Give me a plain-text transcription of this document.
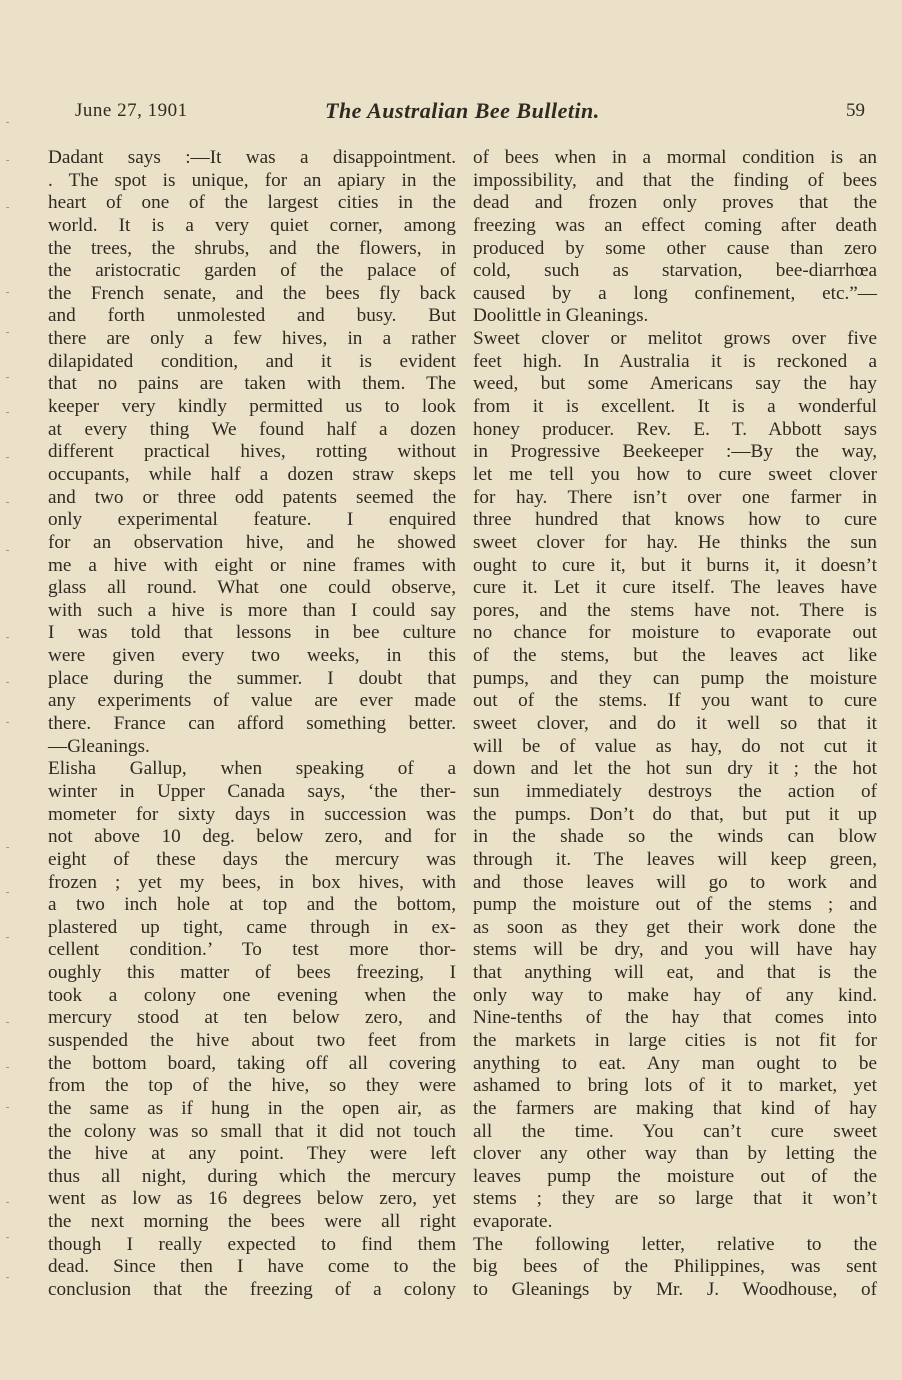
June 27, 1901	The Australian Bee Bulletin.	59
Dadant says :—It was a disappointment.
. The spot is unique, for an apiary in the
heart of one of the largest cities in the
world. It is a very quiet corner, among
the trees, the shrubs, and the flowers, in
the aristocratic garden of the palace of
the French senate, and the bees fly back
and forth unmolested and busy. But
there are only a few hives, in a rather
dilapidated condition, and it is evident
that no pains are taken with them. The
keeper very kindly permitted us to look
at every thing We found half a dozen
different practical hives, rotting without
occupants, while half a dozen straw skeps
and two or three odd patents seemed the
only experimental feature. I enquired
for an observation hive, and he showed
me a hive with eight or nine frames with
glass all round. What one could observe,
with such a hive is more than I could say
I was told that lessons in bee culture
were given every two weeks, in this
place during the summer. I doubt that
any experiments of value are ever made
there. France can afford something better.
—Gleanings.
Elisha Gallup, when speaking of a
winter in Upper Canada says, ‘the ther-
mometer for sixty days in succession was
not above 10 deg. below zero, and for
eight of these days the mercury was
frozen ; yet my bees, in box hives, with
a two inch hole at top and the bottom,
plastered up tight, came through in ex-
cellent condition.’ To test more thor-
oughly this matter of bees freezing, I
took a colony one evening when the
mercury stood at ten below zero, and
suspended the hive about two feet from
the bottom board, taking off all covering
from the top of the hive, so they were
the same as if hung in the open air, as
the colony was so small that it did not touch
the hive at any point. They were left
thus all night, during which the mercury
went as low as 16 degrees below zero, yet
the next morning the bees were all right
though I really expected to find them
dead. Since then I have come to the
conclusion that the freezing of a colony
of bees when in a mormal condition is an
impossibility, and that the finding of bees
dead and frozen only proves that the
freezing was an effect coming after death
produced by some other cause than zero
cold, such as starvation, bee-diarrhœa
caused by a long confinement, etc.”—
Doolittle in Gleanings.
Sweet clover or melitot grows over five
feet high. In Australia it is reckoned a
weed, but some Americans say the hay
from it is excellent. It is a wonderful
honey producer. Rev. E. T. Abbott says
in Progressive Beekeeper :—By the way,
let me tell you how to cure sweet clover
for hay. There isn’t over one farmer in
three hundred that knows how to cure
sweet clover for hay. He thinks the sun
ought to cure it, but it burns it, it doesn’t
cure it. Let it cure itself. The leaves have
pores, and the stems have not. There is
no chance for moisture to evaporate out
of the stems, but the leaves act like
pumps, and they can pump the moisture
out of the stems. If you want to cure
sweet clover, and do it well so that it
will be of value as hay, do not cut it
down and let the hot sun dry it ; the hot
sun immediately destroys the action of
the pumps. Don’t do that, but put it up
in the shade so the winds can blow
through it. The leaves will keep green,
and those leaves will go to work and
pump the moisture out of the stems ; and
as soon as they get their work done the
stems will be dry, and you will have hay
that anything will eat, and that is the
only way to make hay of any kind.
Nine-tenths of the hay that comes into
the markets in large cities is not fit for
anything to eat. Any man ought to be
ashamed to bring lots of it to market, yet
the farmers are making that kind of hay
all the time. You can’t cure sweet
clover any other way than by letting the
leaves pump the moisture out of the
stems ; they are so large that it won’t
evaporate.
The following letter, relative to the
big bees of the Philippines, was sent
to Gleanings by Mr. J. Woodhouse, of
‐
‐
‐
‐
‐
‐
‐
‐
‐
‐
‐
‐
‐
‐
‐
‐
‐
‐
‐
‐
‐
‐
